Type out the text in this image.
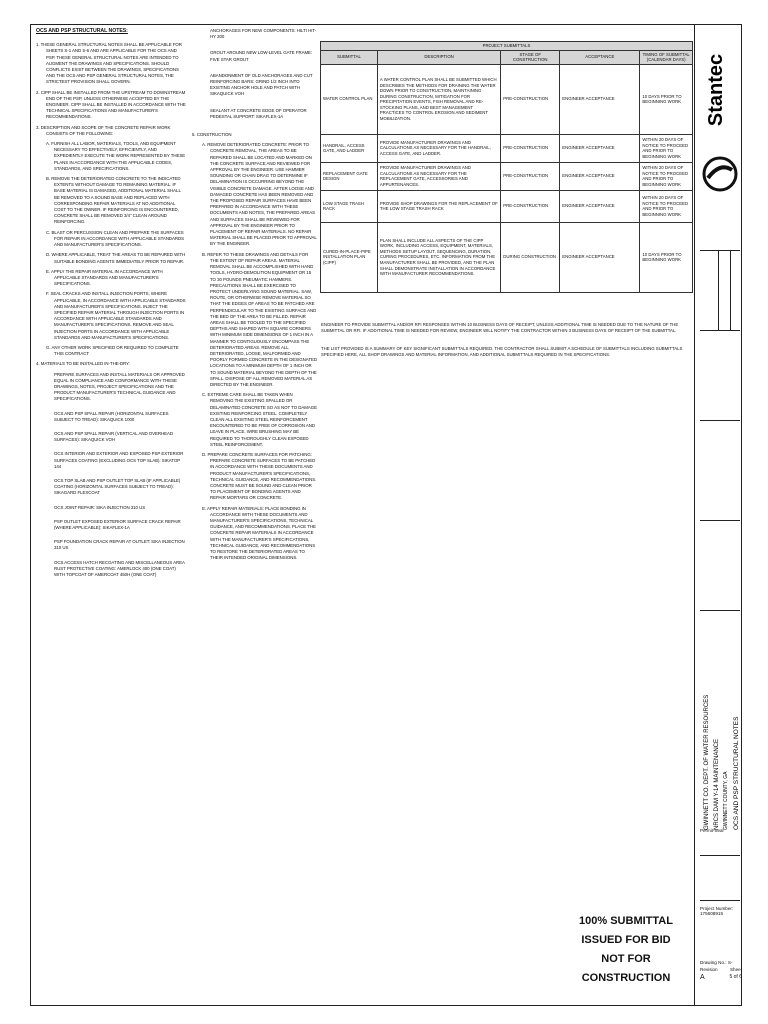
OCS AND PSP STRUCTURAL NOTES:

1. THESE GENERAL STRUCTURAL NOTES SHALL BE APPLICABLE FOR SHEETS S-1 AND S-6 AND ARE APPLICABLE FOR THE OCS AND PSP. THESE GENERAL STRUCTURAL NOTES ARE INTENDED TO AUGMENT THE DRAWINGS AND SPECIFICATIONS. SHOULD CONFLICTS EXIST BETWEEN THE DRAWINGS, SPECIFICATIONS AND THE OCS AND PSP GENERAL STRUCTURAL NOTES, THE STRICTEST PROVISION SHALL GOVERN.

2. CIPP SHALL BE INSTALLED FROM THE UPSTREAM TO DOWNSTREAM END OF THE PSP, UNLESS OTHERWISE ACCEPTED BY THE ENGINEER. CIPP SHALL BE INSTALLED IN ACCORDANCE WITH THE TECHNICAL SPECIFICATIONS AND MANUFACTURER'S RECOMMENDATIONS.

3. DESCRIPTION AND SCOPE OF THE CONCRETE REPAIR WORK CONSISTS OF THE FOLLOWING:

A. FURNISH ALL LABOR, MATERIALS, TOOLS, AND EQUIPMENT NECESSARY TO EFFECTIVELY, EFFICIENTLY, AND EXPEDIENTLY EXECUTE THE WORK REPRESENTED BY THESE PLANS IN ACCORDANCE WITH THE APPLICABLE CODES, STANDARDS, AND SPECIFICATIONS.

B. REMOVE THE DETERIORATED CONCRETE TO THE INDICATED EXTENTS WITHOUT DAMAGE TO REMAINING MATERIAL. IF BASE MATERIAL IS DAMAGED, ADDITIONAL MATERIAL SHALL BE REMOVED TO A SOUND BASE AND REPLACED WITH CORRESPONDING REPAIR MATERIALS AT NO ADDITIONAL COST TO THE OWNER. IF REINFORCING IS ENCOUNTERED, CONCRETE SHALL BE REMOVED 3/4" CLEAN AROUND REINFORCING.

C. BLAST OR PERCUSSION CLEAN AND PREPARE THE SURFACES FOR REPAIR IN ACCORDANCE WITH APPLICABLE STANDARDS AND MANUFACTURER'S SPECIFICATIONS.

D. WHERE APPLICABLE, TREAT THE AREAS TO BE REPAIRED WITH SUITABLE BONDING AGENTS IMMEDIATELY PRIOR TO REPAIR.

E. APPLY THE REPAIR MATERIAL IN ACCORDANCE WITH APPLICABLE STANDARDS AND MANUFACTURER'S SPECIFICATIONS.

F. SEAL CRACKS AND INSTALL INJECTION PORTS, WHERE APPLICABLE, IN ACCORDANCE WITH APPLICABLE STANDARDS AND MANUFACTURER'S SPECIFICATIONS. INJECT THE SPECIFIED REPAIR MATERIAL THROUGH INJECTION PORTS IN ACCORDANCE WITH APPLICABLE STANDARDS AND MANUFACTURER'S SPECIFICATIONS. REMOVE AND SEAL INJECTION PORTS IN ACCORDANCE WITH APPLICABLE STANDARDS AND MANUFACTURER'S SPECIFICATIONS.

G. ANY OTHER WORK SPECIFIED OR REQUIRED TO COMPLETE THIS CONTRACT

4. MATERIALS TO BE INSTALLED IN-THE-DRY:

PREPARE SURFACES AND INSTALL MATERIALS OR APPROVED EQUAL IN COMPLIANCE AND CONFORMANCE WITH THESE DRAWINGS, NOTES, PROJECT SPECIFICATIONS AND THE PRODUCT MANUFACTURER'S TECHNICAL GUIDANCE AND SPECIFICATIONS.

OCS AND PSP SPALL REPAIR (HORIZONTAL SURFACES SUBJECT TO TREAD): SIKAQUICK 1000

OCS AND PSP SPALL REPAIR (VERTICAL AND OVERHEAD SURFACES): SIKAQUICK VOH

OCS INTERIOR AND EXTERIOR AND EXPOSED PSP EXTERIOR SURFACES COATING (EXCLUDING OCS TOP SLAB): SIKATOP 144

OCS TOP SLAB AND PSP OUTLET TOP SLAB (IF APPLICABLE) COATING (HORIZONTAL SURFACES SUBJECT TO TREAD): SIKAGARD FLEXCOAT

OCS JOINT REPAIR: SIKA INJECTION 310 US

PSP OUTLET EXPOSED EXTERIOR SURFACE CRACK REPAIR (WHERE APPLICABLE): SIKAFLEX-1A

PSP FOUNDATION CRACK REPAIR AT OUTLET: SIKA INJECTION 310 US

OCS ACCESS HATCH RECOATING AND MISCELLANEOUS AREA RUST PROTECTIVE COATING: AMERLOCK 400 (ONE COAT) WITH TOPCOAT OF AMERCOAT 450H (ONE COAT)

ANCHORAGES FOR NEW COMPONENTS: HILTI HIT-HY 200

GROUT AROUND NEW LOW-LEVEL GATE FRAME: FIVE STAR GROUT

ABANDONMENT OF OLD ANCHORAGES AND CUT REINFORCING BARS: GRIND 1/2 INCH INTO EXISTING ANCHOR HOLE AND PATCH WITH SIKAQUICK VOH

SEALANT AT CONCRETE EDGE OF OPERATOR PEDESTAL SUPPORT: SIKAFLEX-1A

5. CONSTRUCTION

A. REMOVE DETERIORATED CONCRETE: PRIOR TO CONCRETE REMOVAL, THE AREAS TO BE REPAIRED SHALL BE LOCATED AND MARKED ON THE CONCRETE SURFACE AND REVIEWED FOR APPROVAL BY THE ENGINEER. USE HAMMER SOUNDING OR CHAIN DRAG TO DETERMINE IF DELAMINATION IS OCCURRING BEYOND THE VISIBLE CONCRETE DAMAGE. AFTER LOOSE AND DAMAGED CONCRETE HAS BEEN REMOVED AND THE PROPOSED REPAIR SURFACES HAVE BEEN PREPARED IN ACCORDANCE WITH THESE DOCUMENTS AND NOTES, THE PREPARED AREAS AND SURFACES SHALL BE REVIEWED FOR APPROVAL BY THE ENGINEER PRIOR TO PLACEMENT OF REPAIR MATERIALS. NO REPAIR MATERIAL SHALL BE PLACED PRIOR TO APPROVAL BY THE ENGINEER.

B. REFER TO THESE DRAWINGS AND DETAILS FOR THE EXTENT OF REPAIR AREAS. MATERIAL REMOVAL SHALL BE ACCOMPLISHED WITH HAND TOOLS, HYDRO-DEMOLITION EQUIPMENT OR 15 TO 30 POUNDS PNEUMATIC HAMMERS. PRECAUTIONS SHALL BE EXERCISED TO PROTECT UNDERLYING SOUND MATERIAL. SAW, ROUTE, OR OTHERWISE REMOVE MATERIAL SO THAT THE EDGES OF AREAS TO BE PATCHED ARE PERPENDICULAR TO THE EXISTING SURFACE AND THE BED OF THE AREA TO BE FILLED. REPAIR AREAS SHALL BE TOOLED TO THE SPECIFIED DEPTHS AND SHAPED WITH SQUARE CORNERS WITH MINIMUM SIDE DIMENSIONS OF 1 INCH IN A MANNER TO CONTIGUOUSLY ENCOMPASS THE DETERIORATED AREAS. REMOVE ALL DETERIORATED, LOOSE, MALFORMED AND POORLY FORMED CONCRETE IN THE DESIGNATED LOCATIONS TO A MINIMUM DEPTH OF 1 INCH OR TO SOUND MATERIAL BEYOND THE DEPTH OF THE SPALL. DISPOSE OF ALL REMOVED MATERIAL AS DIRECTED BY THE ENGINEER.

C. EXTREME CARE SHALL BE TAKEN WHEN REMOVING THE EXISTING SPALLED OR DELAMINATED CONCRETE SO AS NOT TO DAMAGE EXISTING REINFORCING STEEL. COMPLETELY CLEAN ALL EXISTING STEEL REINFORCEMENT ENCOUNTERED TO BE FREE OF CORROSION AND LEAVE IN PLACE. WIRE BRUSHING MAY BE REQUIRED TO THOROUGHLY CLEAN EXPOSED STEEL REINFORCEMENT.

D. PREPARE CONCRETE SURFACES FOR PATCHING: PREPARE CONCRETE SURFACES TO BE PATCHED IN ACCORDANCE WITH THESE DOCUMENTS AND PRODUCT MANUFACTURER'S SPECIFICATIONS, TECHNICAL GUIDANCE, AND RECOMMENDATIONS. CONCRETE MUST BE SOUND AND CLEAN PRIOR TO PLACEMENT OF BONDING AGENTS AND REPAIR MORTARS OR CONCRETE.

E. APPLY REPAIR MATERIALS: PLACE BONDING IN ACCORDANCE WITH THESE DOCUMENTS AND MANUFACTURER'S SPECIFICATIONS, TECHNICAL GUIDANCE, AND RECOMMENDATIONS. PLACE THE CONCRETE REPAIR MATERIALS IN ACCORDANCE WITH THE MANUFACTURER'S SPECIFICATIONS, TECHNICAL GUIDANCE, AND RECOMMENDATIONS TO RESTORE THE DETERIORATED AREAS TO THEIR INTENDED ORIGINAL DIMENSIONS.

PROJECT SUBMITTALS				
SUBMITTAL	DESCRIPTION	STAGE OF CONSTRUCTION	ACCEPTANCE	TIMING OF SUBMITTAL (CALENDAR DAYS)
WATER CONTROL PLAN	A WATER CONTROL PLAN SHALL BE SUBMITTED WHICH DESCRIBES THE METHODS FOR DRAINING THE WATER DOWN PRIOR TO CONSTRUCTION, MAINTAINING DURING CONSTRUCTION, MITIGATION FOR PRECIPITATION EVENTS, FISH REMOVAL AND RE-STOCKING PLANS, AND BEST MANAGEMENT PRACTICES TO CONTROL EROSION AND SEDIMENT MOBILIZATION.	PRE-CONSTRUCTION	ENGINEER ACCEPTANCE	10 DAYS PRIOR TO BEGINNING WORK
HANDRAIL, ACCESS GATE, AND LADDER	PROVIDE MANUFACTURER DRAWINGS AND CALCULATIONS AS NECESSARY FOR THE HANDRAIL, ACCESS GATE, AND LADDER.	PRE-CONSTRUCTION	ENGINEER ACCEPTANCE	WITHIN 20 DAYS OF NOTICE TO PROCEED AND PRIOR TO BEGINNING WORK
REPLACEMENT GATE DESIGN	PROVIDE MANUFACTURER DRAWINGS AND CALCULATIONS AS NECESSARY FOR THE REPLACEMENT GATE, ACCESSORIES AND APPURTENANCES.	PRE-CONSTRUCTION	ENGINEER ACCEPTANCE	WITHIN 20 DAYS OF NOTICE TO PROCEED AND PRIOR TO BEGINNING WORK
LOW STAGE TRASH RACK	PROVIDE SHOP DRAWINGS FOR THE REPLACEMENT OF THE LOW STAGE TRASH RACK	PRE-CONSTRUCTION	ENGINEER ACCEPTANCE	WITHIN 20 DAYS OF NOTICE TO PROCEED AND PRIOR TO BEGINNING WORK
CURED-IN-PLACE-PIPE INSTALLATION PLAN (CIPP)	PLAN SHALL INCLUDE ALL ASPECTS OF THE CIPP WORK, INCLUDING ACCESS, EQUIPMENT, MATERIALS, METHODS SETUP LAYOUT, SEQUENCING, DURATION, CURING PROCEDURES, ETC. INFORMATION FROM THE MANUFACTURER SHALL BE PROVIDED, AND THE PLAN SHALL DEMONSTRATE INSTALLATION IN ACCORDANCE WITH MANUFACTURER RECOMMENDATIONS.	DURING CONSTRUCTION	ENGINEER ACCEPTANCE	10 DAYS PRIOR TO BEGINNING WORK
ENGINEER TO PROVIDE SUBMITTAL AND/OR RFI RESPONSES WITHIN 10 BUSINESS DAYS OF RECEIPT, UNLESS ADDITIONAL TIME IS NEEDED DUE TO THE NATURE OF THE SUBMITTAL OR RFI. IF ADDITIONAL TIME IS NEEDED FOR REVIEW, ENGINEER WILL NOTIFY THE CONTRACTOR WITHIN 3 BUSINESS DAYS OF RECEIPT OF THE SUBMITTAL.
THE LIST PROVIDED IS A SUMMARY OF KEY SIGNIFICANT SUBMITTALS REQUIRED. THE CONTRACTOR SHALL SUBMIT A SCHEDULE OF SUBMITTALS INCLUDING SUBMITTALS SPECIFIED HERE, ALL SHOP DRAWINGS AND MATERIAL INFORMATION, AND ADDITIONAL SUBMITTALS REQUIRED IN THE SPECIFICATIONS.
Stantec
GWINNETT CO. DEPT. OF WATER RESOURCES NRCS DAM Y-14 MAINTENANCE GWINNETT COUNTY, GA OCS AND PSP STRUCTURAL NOTES
Permit-Seal
Project Number: 175608915
Drawing No.: S-
Revision	Sheet
A	5 of 6
100% SUBMITTAL
ISSUED FOR BID
NOT FOR CONSTRUCTION
